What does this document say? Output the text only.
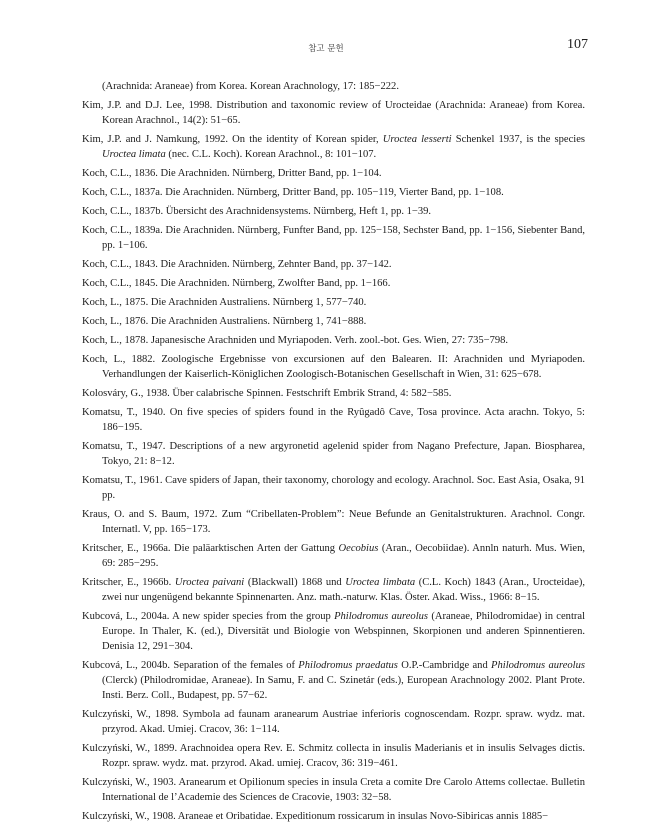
참고 문헌	107

(Arachnida: Araneae) from Korea. Korean Arachnology, 17: 185−222.

Kim, J.P. and D.J. Lee, 1998. Distribution and taxonomic review of Urocteidae (Arachnida: Araneae) from Korea. Korean Arachnol., 14(2): 51−65.

Kim, J.P. and J. Namkung, 1992. On the identity of Korean spider, Uroctea lesserti Schenkel 1937, is the species Uroctea limata (nec. C.L. Koch). Korean Arachnol., 8: 101−107.

Koch, C.L., 1836. Die Arachniden. Nürnberg, Dritter Band, pp. 1−104.

Koch, C.L., 1837a. Die Arachniden. Nürnberg, Dritter Band, pp. 105−119, Vierter Band, pp. 1−108.

Koch, C.L., 1837b. Übersicht des Arachnidensystems. Nürnberg, Heft 1, pp. 1−39.

Koch, C.L., 1839a. Die Arachniden. Nürnberg, Funfter Band, pp. 125−158, Sechster Band, pp. 1−156, Siebenter Band, pp. 1−106.

Koch, C.L., 1843. Die Arachniden. Nürnberg, Zehnter Band, pp. 37−142.

Koch, C.L., 1845. Die Arachniden. Nürnberg, Zwolfter Band, pp. 1−166.

Koch, L., 1875. Die Arachniden Australiens. Nürnberg 1, 577−740.

Koch, L., 1876. Die Arachniden Australiens. Nürnberg 1, 741−888.

Koch, L., 1878. Japanesische Arachniden und Myriapoden. Verh. zool.-bot. Ges. Wien, 27: 735−798.

Koch, L., 1882. Zoologische Ergebnisse von excursionen auf den Balearen. II: Arachniden und Myriapoden. Verhandlungen der Kaiserlich-Königlichen Zoologisch-Botanischen Gesellschaft in Wien, 31: 625−678.

Kolosváry, G., 1938. Über calabrische Spinnen. Festschrift Embrik Strand, 4: 582−585.

Komatsu, T., 1940. On five species of spiders found in the Ryûgadô Cave, Tosa province. Acta arachn. Tokyo, 5: 186−195.

Komatsu, T., 1947. Descriptions of a new argyronetid agelenid spider from Nagano Prefecture, Japan. Biospharea, Tokyo, 21: 8−12.

Komatsu, T., 1961. Cave spiders of Japan, their taxonomy, chorology and ecology. Arachnol. Soc. East Asia, Osaka, 91 pp.

Kraus, O. and S. Baum, 1972. Zum “Cribellaten-Problem”: Neue Befunde an Genitalstrukturen. Arachnol. Congr. Internatl. V, pp. 165−173.

Kritscher, E., 1966a. Die paläarktischen Arten der Gattung Oecobius (Aran., Oecobiidae). Annln naturh. Mus. Wien, 69: 285−295.

Kritscher, E., 1966b. Uroctea paivani (Blackwall) 1868 und Uroctea limbata (C.L. Koch) 1843 (Aran., Urocteidae), zwei nur ungenügend bekannte Spinnenarten. Anz. math.-naturw. Klas. Öster. Akad. Wiss., 1966: 8−15.

Kubcová, L., 2004a. A new spider species from the group Philodromus aureolus (Araneae, Philodromidae) in central Europe. In Thaler, K. (ed.), Diversität und Biologie von Webspinnen, Skorpionen und anderen Spinnentieren. Denisia 12, 291−304.

Kubcová, L., 2004b. Separation of the females of Philodromus praedatus O.P.-Cambridge and Philodromus aureolus (Clerck) (Philodromidae, Araneae). In Samu, F. and C. Szinetár (eds.), European Arachnology 2002. Plant Prote. Insti. Berz. Coll., Budapest, pp. 57−62.

Kulczyński, W., 1898. Symbola ad faunam aranearum Austriae inferioris cognoscendam. Rozpr. spraw. wydz. mat. przyrod. Akad. Umiej. Cracov, 36: 1−114.

Kulczyński, W., 1899. Arachnoidea opera Rev. E. Schmitz collecta in insulis Maderianis et in insulis Selvages dictis. Rozpr. spraw. wydz. mat. przyrod. Akad. umiej. Cracov, 36: 319−461.

Kulczyński, W., 1903. Aranearum et Opilionum species in insula Creta a comite Dre Carolo Attems collectae. Bulletin International de l’Academie des Sciences de Cracovie, 1903: 32−58.

Kulczyński, W., 1908. Araneae et Oribatidae. Expeditionum rossicarum in insulas Novo-Sibiricas annis 1885−
